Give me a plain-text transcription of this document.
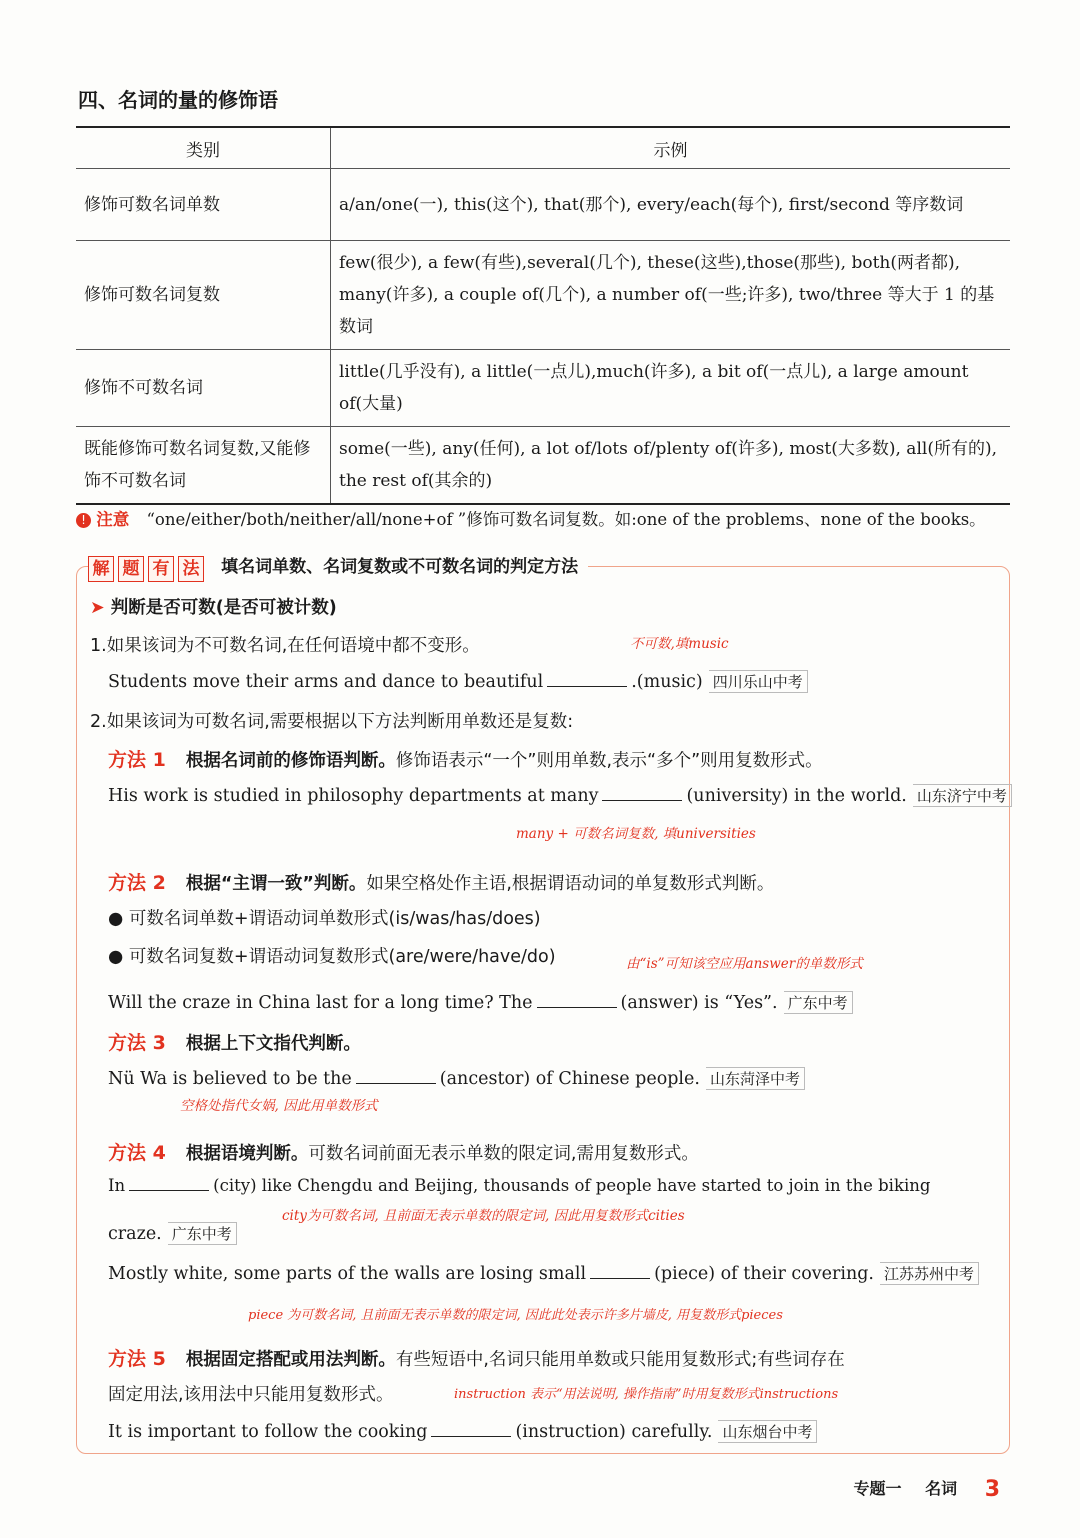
四、名词的量的修饰语
类别	示例
修饰可数名词单数	a/an/one(一), this(这个), that(那个), every/each(每个), first/second 等序数词
修饰可数名词复数	few(很少), a few(有些),several(几个), these(这些),those(那些), both(两者都), many(许多), a couple of(几个), a number of(一些;许多), two/three 等大于 1 的基数词
修饰不可数名词	little(几乎没有), a little(一点儿),much(许多), a bit of(一点儿), a large amount of(大量)
既能修饰可数名词复数,又能修饰不可数名词	some(一些), any(任何), a lot of/lots of/plenty of(许多), most(大多数), all(所有的), the rest of(其余的)
! 注意 “one/either/both/neither/all/none+of ”修饰可数名词复数。如:one of the problems、none of the books。
解 题 有 法 填名词单数、名词复数或不可数名词的判定方法
➤ 判断是否可数(是否可被计数)
1.如果该词为不可数名词,在任何语境中都不变形。	不可数,填music
Students move their arms and dance to beautiful	.(music) 四川乐山中考
2.如果该词为可数名词,需要根据以下方法判断用单数还是复数:
方法 1 根据名词前的修饰语判断。修饰语表示“一个”则用单数,表示“多个”则用复数形式。
His work is studied in philosophy departments at many	(university) in the world. 山东济宁中考
many + 可数名词复数, 填universities
方法 2 根据“主谓一致”判断。如果空格处作主语,根据谓语动词的单复数形式判断。
● 可数名词单数+谓语动词单数形式(is/was/has/does)
● 可数名词复数+谓语动词复数形式(are/were/have/do)	由“is”可知该空应用answer的单数形式
Will the craze in China last for a long time? The	(answer) is “Yes”. 广东中考
方法 3 根据上下文指代判断。
Nü Wa is believed to be the	(ancestor) of Chinese people. 山东菏泽中考
空格处指代女娲, 因此用单数形式
方法 4 根据语境判断。可数名词前面无表示单数的限定词,需用复数形式。
In	(city) like Chengdu and Beijing, thousands of people have started to join in the biking
city为可数名词, 且前面无表示单数的限定词, 因此用复数形式cities
craze. 广东中考
Mostly white, some parts of the walls are losing small	(piece) of their covering. 江苏苏州中考
piece 为可数名词, 且前面无表示单数的限定词, 因此此处表示许多片墙皮, 用复数形式pieces
方法 5 根据固定搭配或用法判断。有些短语中,名词只能用单数或只能用复数形式;有些词存在
固定用法,该用法中只能用复数形式。	instruction 表示“用法说明, 操作指南”时用复数形式instructions
It is important to follow the cooking	(instruction) carefully. 山东烟台中考
专题一 名词 3
